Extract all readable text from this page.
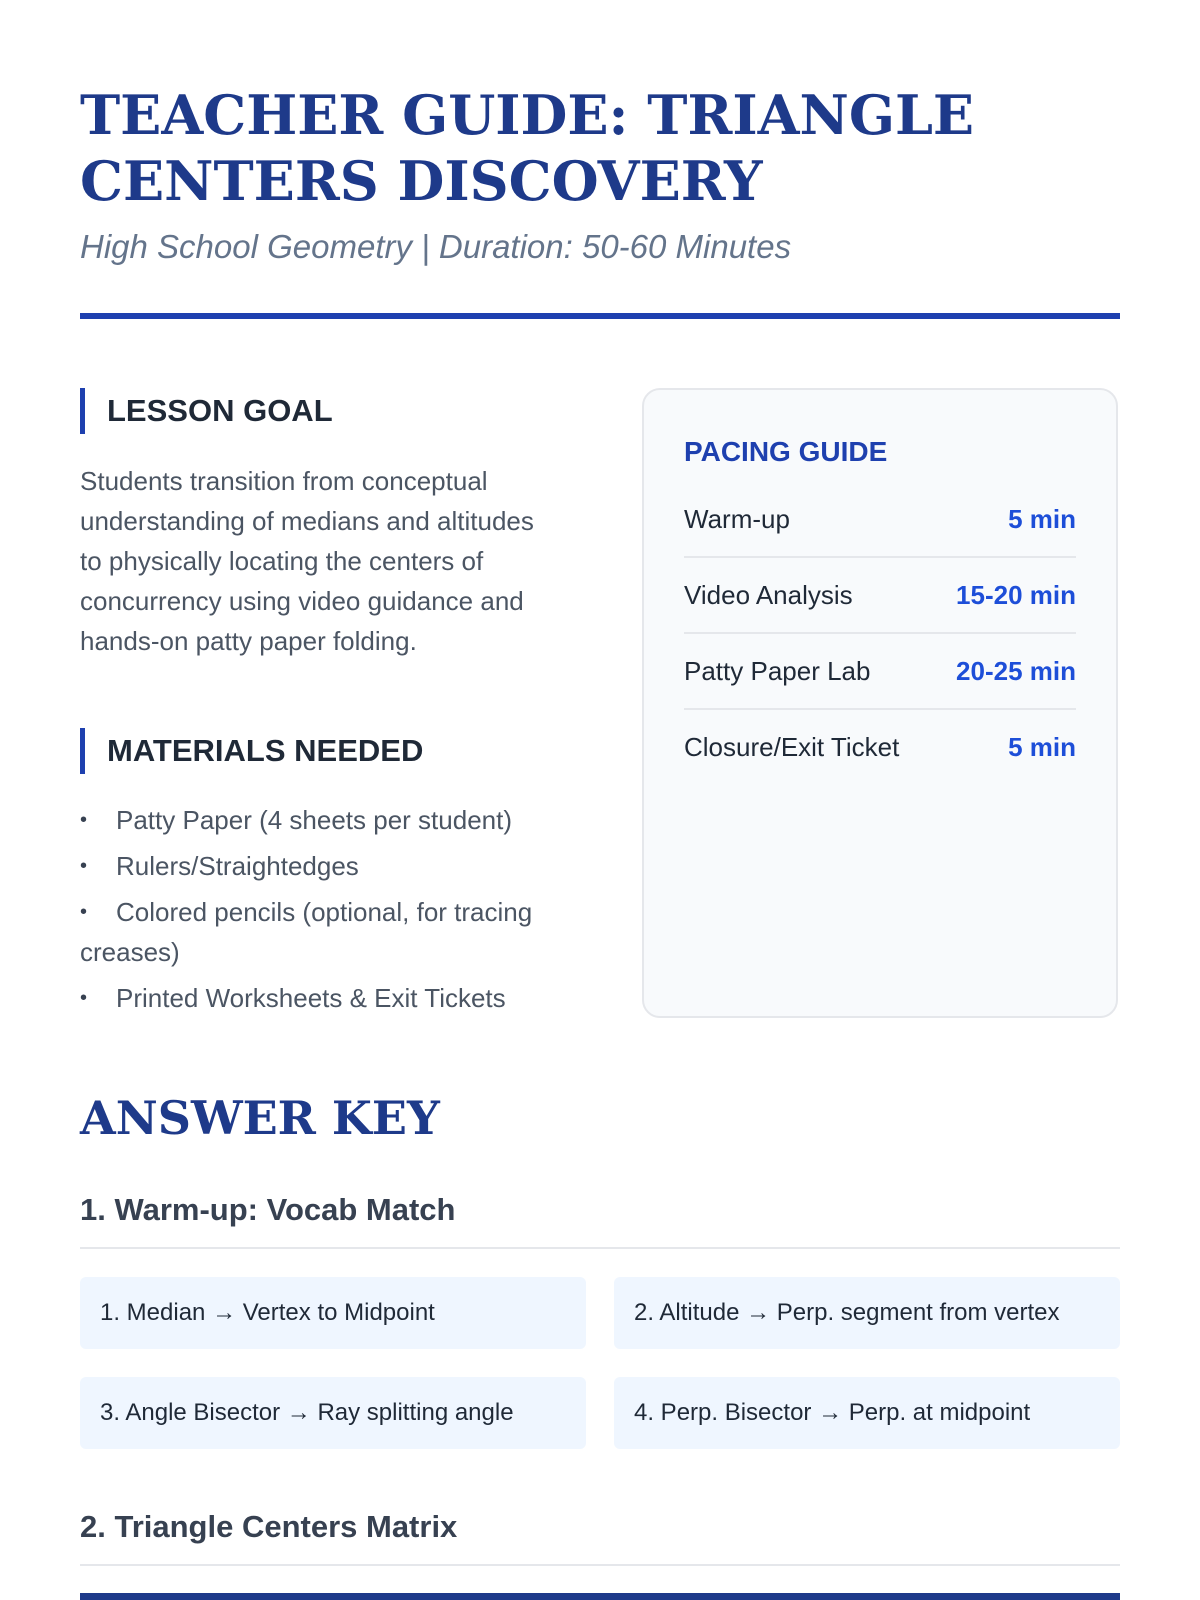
TEACHER GUIDE: TRIANGLE CENTERS DISCOVERY
High School Geometry | Duration: 50-60 Minutes
LESSON GOAL
Students transition from conceptual understanding of medians and altitudes to physically locating the centers of concurrency using video guidance and hands-on patty paper folding.
MATERIALS NEEDED
• Patty Paper (4 sheets per student)
• Rulers/Straightedges
• Colored pencils (optional, for tracing creases)
• Printed Worksheets & Exit Tickets
PACING GUIDE
Warm-up	5 min
Video Analysis	15-20 min
Patty Paper Lab	20-25 min
Closure/Exit Ticket	5 min
ANSWER KEY
1. Warm-up: Vocab Match
1. Median → Vertex to Midpoint	2. Altitude → Perp. segment from vertex
3. Angle Bisector → Ray splitting angle	4. Perp. Bisector → Perp. at midpoint
2. Triangle Centers Matrix
